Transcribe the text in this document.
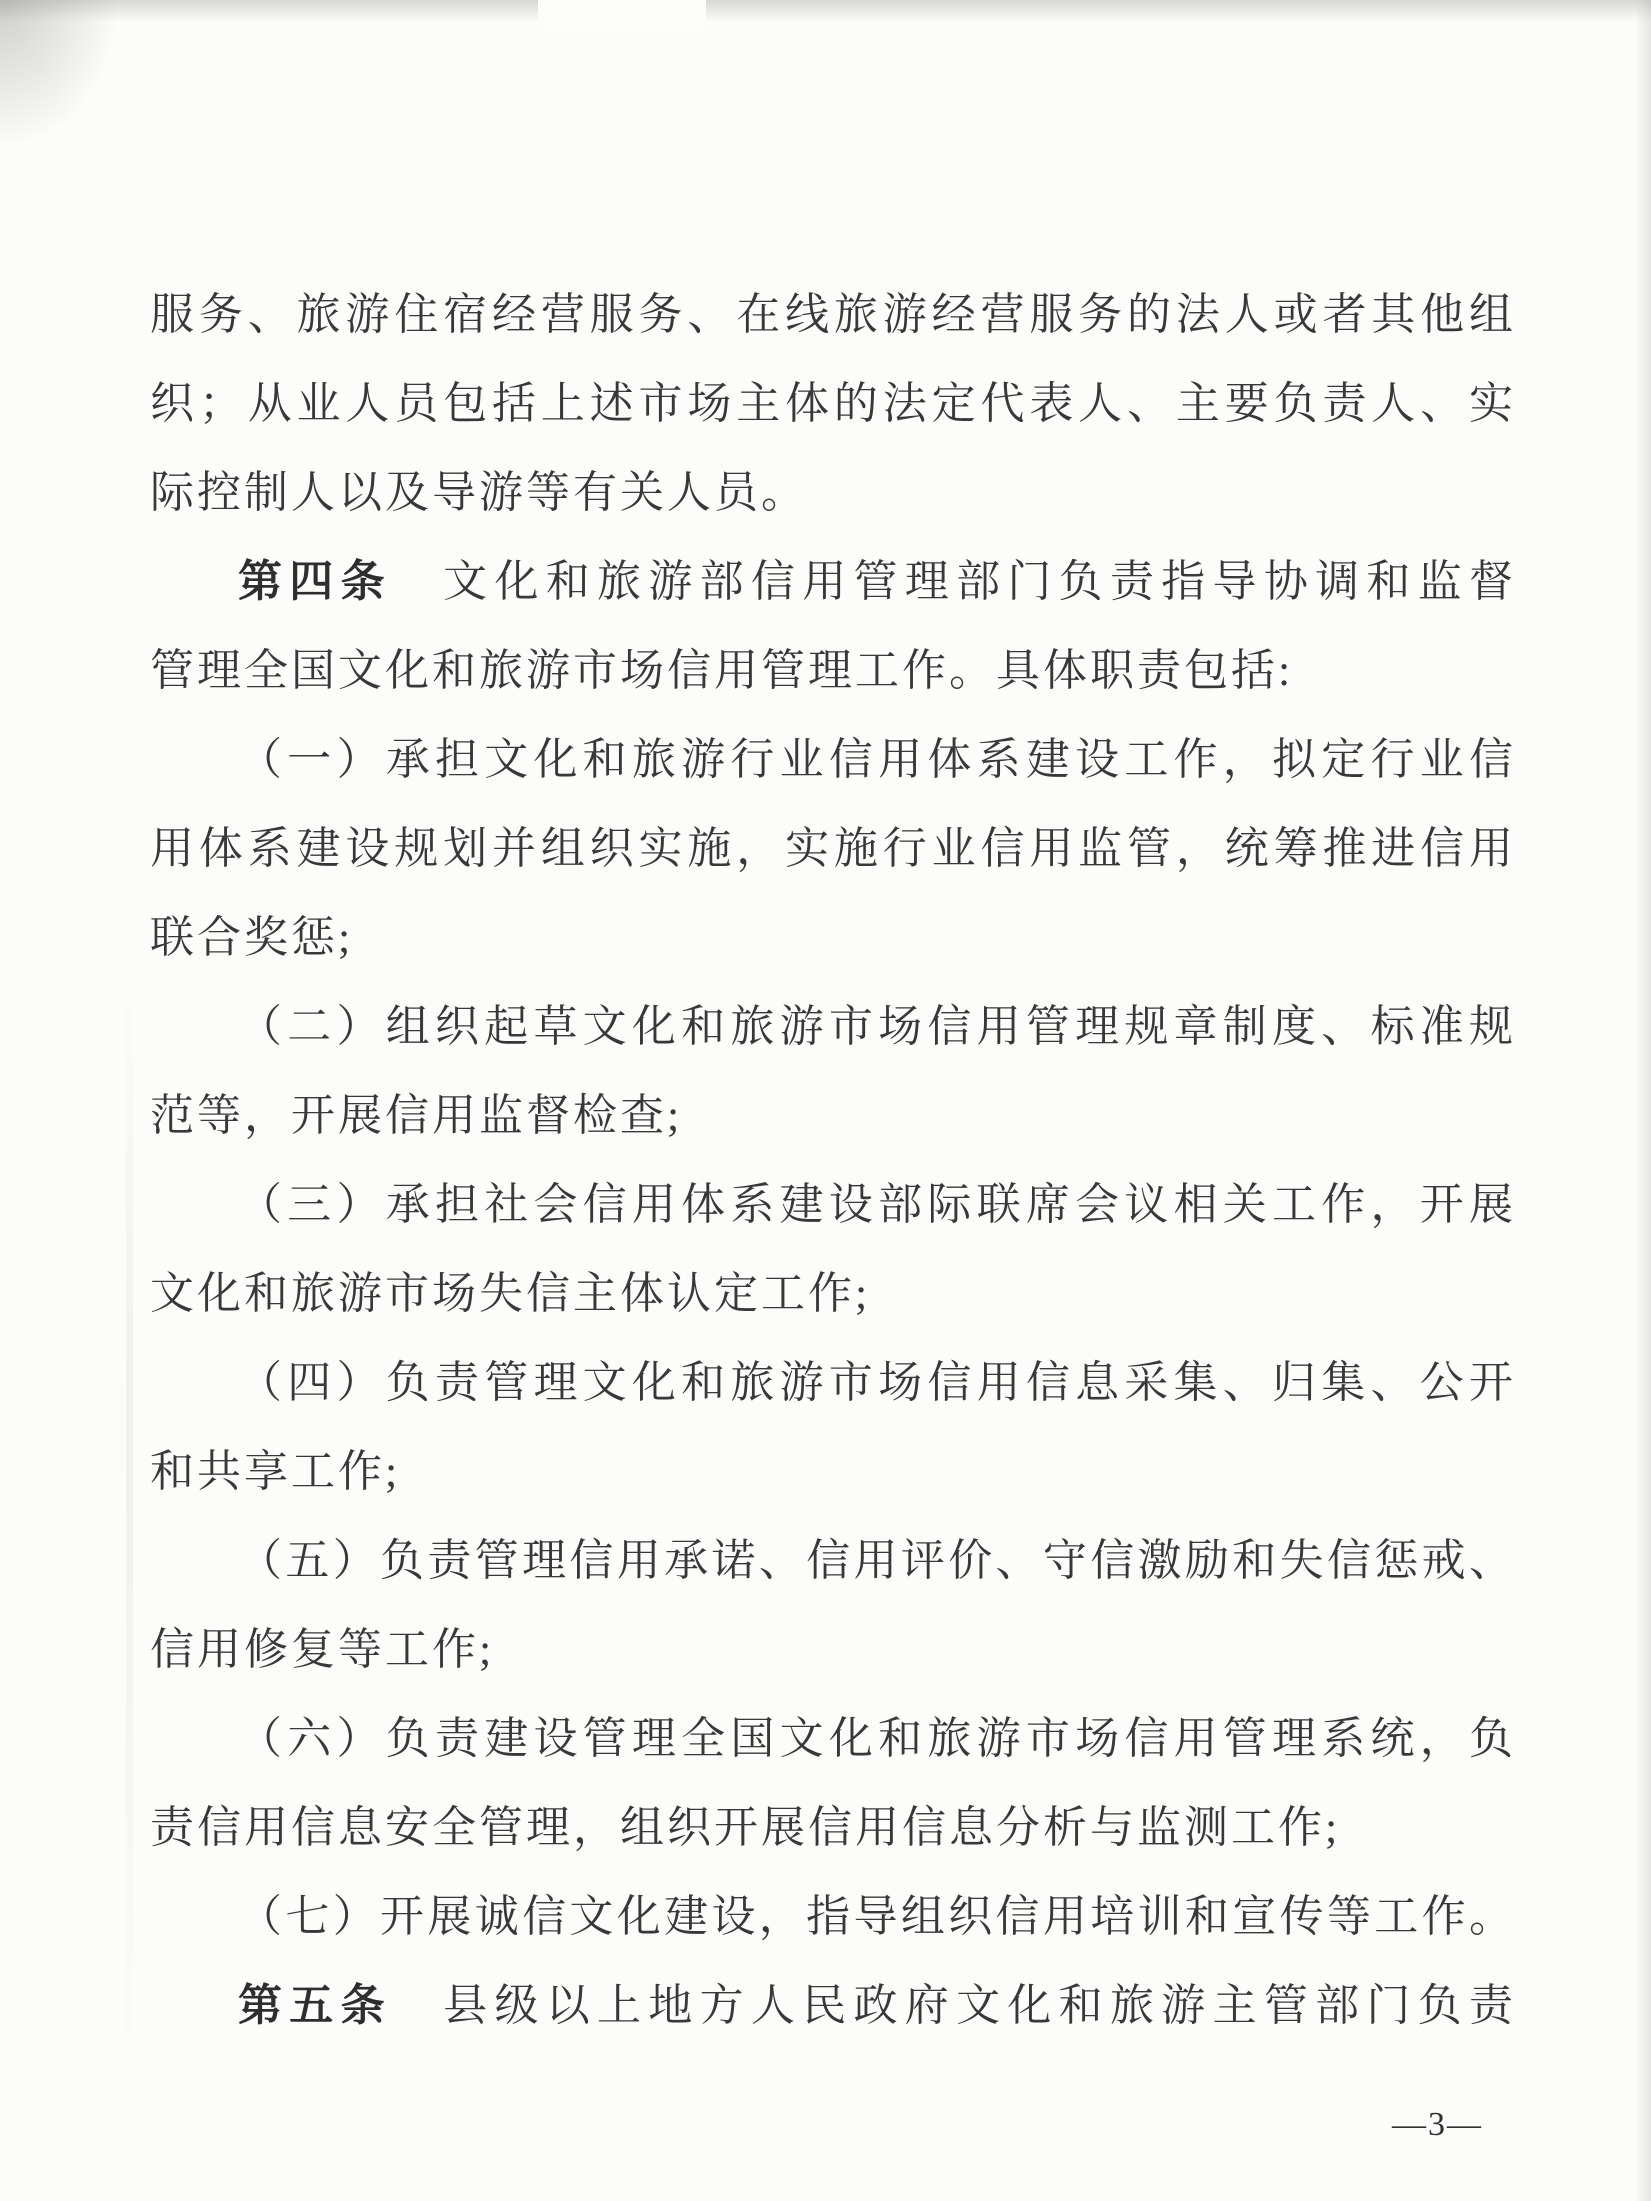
服务、旅游住宿经营服务、在线旅游经营服务的法人或者其他组
织；从业人员包括上述市场主体的法定代表人、主要负责人、实
际控制人以及导游等有关人员。
第四条　文化和旅游部信用管理部门负责指导协调和监督
管理全国文化和旅游市场信用管理工作。具体职责包括:
（一）承担文化和旅游行业信用体系建设工作，拟定行业信
用体系建设规划并组织实施，实施行业信用监管，统筹推进信用
联合奖惩;
（二）组织起草文化和旅游市场信用管理规章制度、标准规
范等，开展信用监督检查;
（三）承担社会信用体系建设部际联席会议相关工作，开展
文化和旅游市场失信主体认定工作;
（四）负责管理文化和旅游市场信用信息采集、归集、公开
和共享工作;
（五）负责管理信用承诺、信用评价、守信激励和失信惩戒、
信用修复等工作;
（六）负责建设管理全国文化和旅游市场信用管理系统，负
责信用信息安全管理，组织开展信用信息分析与监测工作;
（七）开展诚信文化建设，指导组织信用培训和宣传等工作。
第五条　县级以上地方人民政府文化和旅游主管部门负责
—3—
